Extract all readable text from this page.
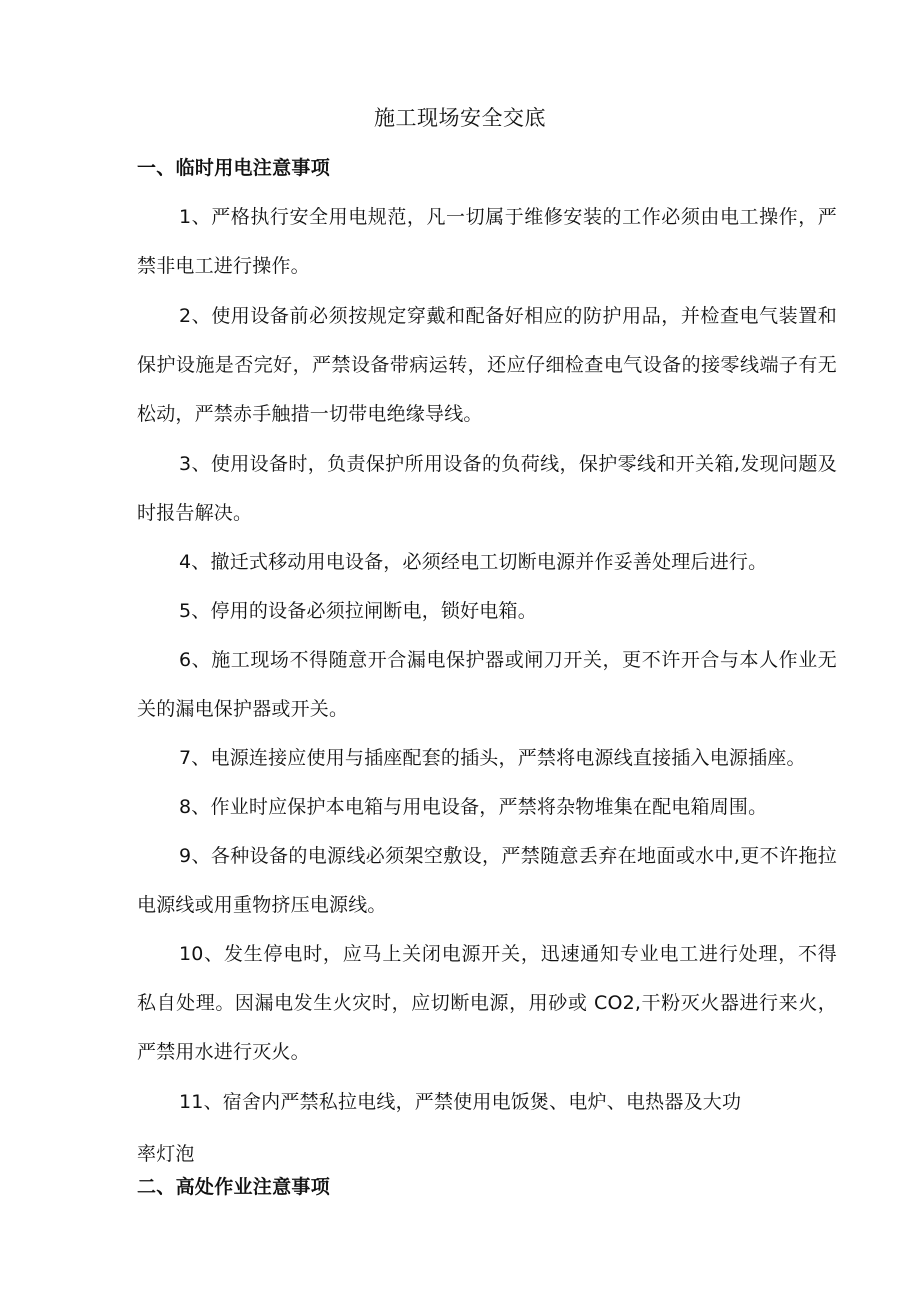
施工现场安全交底
一、临时用电注意事项

1、严格执行安全用电规范，凡一切属于维修安装的工作必须由电工操作，严禁非电工进行操作。

2、使用设备前必须按规定穿戴和配备好相应的防护用品，并检查电气装置和保护设施是否完好，严禁设备带病运转，还应仔细检查电气设备的接零线端子有无松动，严禁赤手触措一切带电绝缘导线。

3、使用设备时，负责保护所用设备的负荷线，保护零线和开关箱,发现问题及时报告解决。

4、撤迁式移动用电设备，必须经电工切断电源并作妥善处理后进行。

5、停用的设备必须拉闸断电，锁好电箱。

6、施工现场不得随意开合漏电保护器或闸刀开关，更不许开合与本人作业无关的漏电保护器或开关。

7、电源连接应使用与插座配套的插头，严禁将电源线直接插入电源插座。

8、作业时应保护本电箱与用电设备，严禁将杂物堆集在配电箱周围。

9、各种设备的电源线必须架空敷设，严禁随意丢弃在地面或水中,更不许拖拉电源线或用重物挤压电源线。

10、发生停电时，应马上关闭电源开关，迅速通知专业电工进行处理，不得私自处理。因漏电发生火灾时，应切断电源，用砂或 CO2,干粉灭火器进行来火，严禁用水进行灭火。

11、宿舍内严禁私拉电线，严禁使用电饭煲、电炉、电热器及大功

率灯泡
二、高处作业注意事项
